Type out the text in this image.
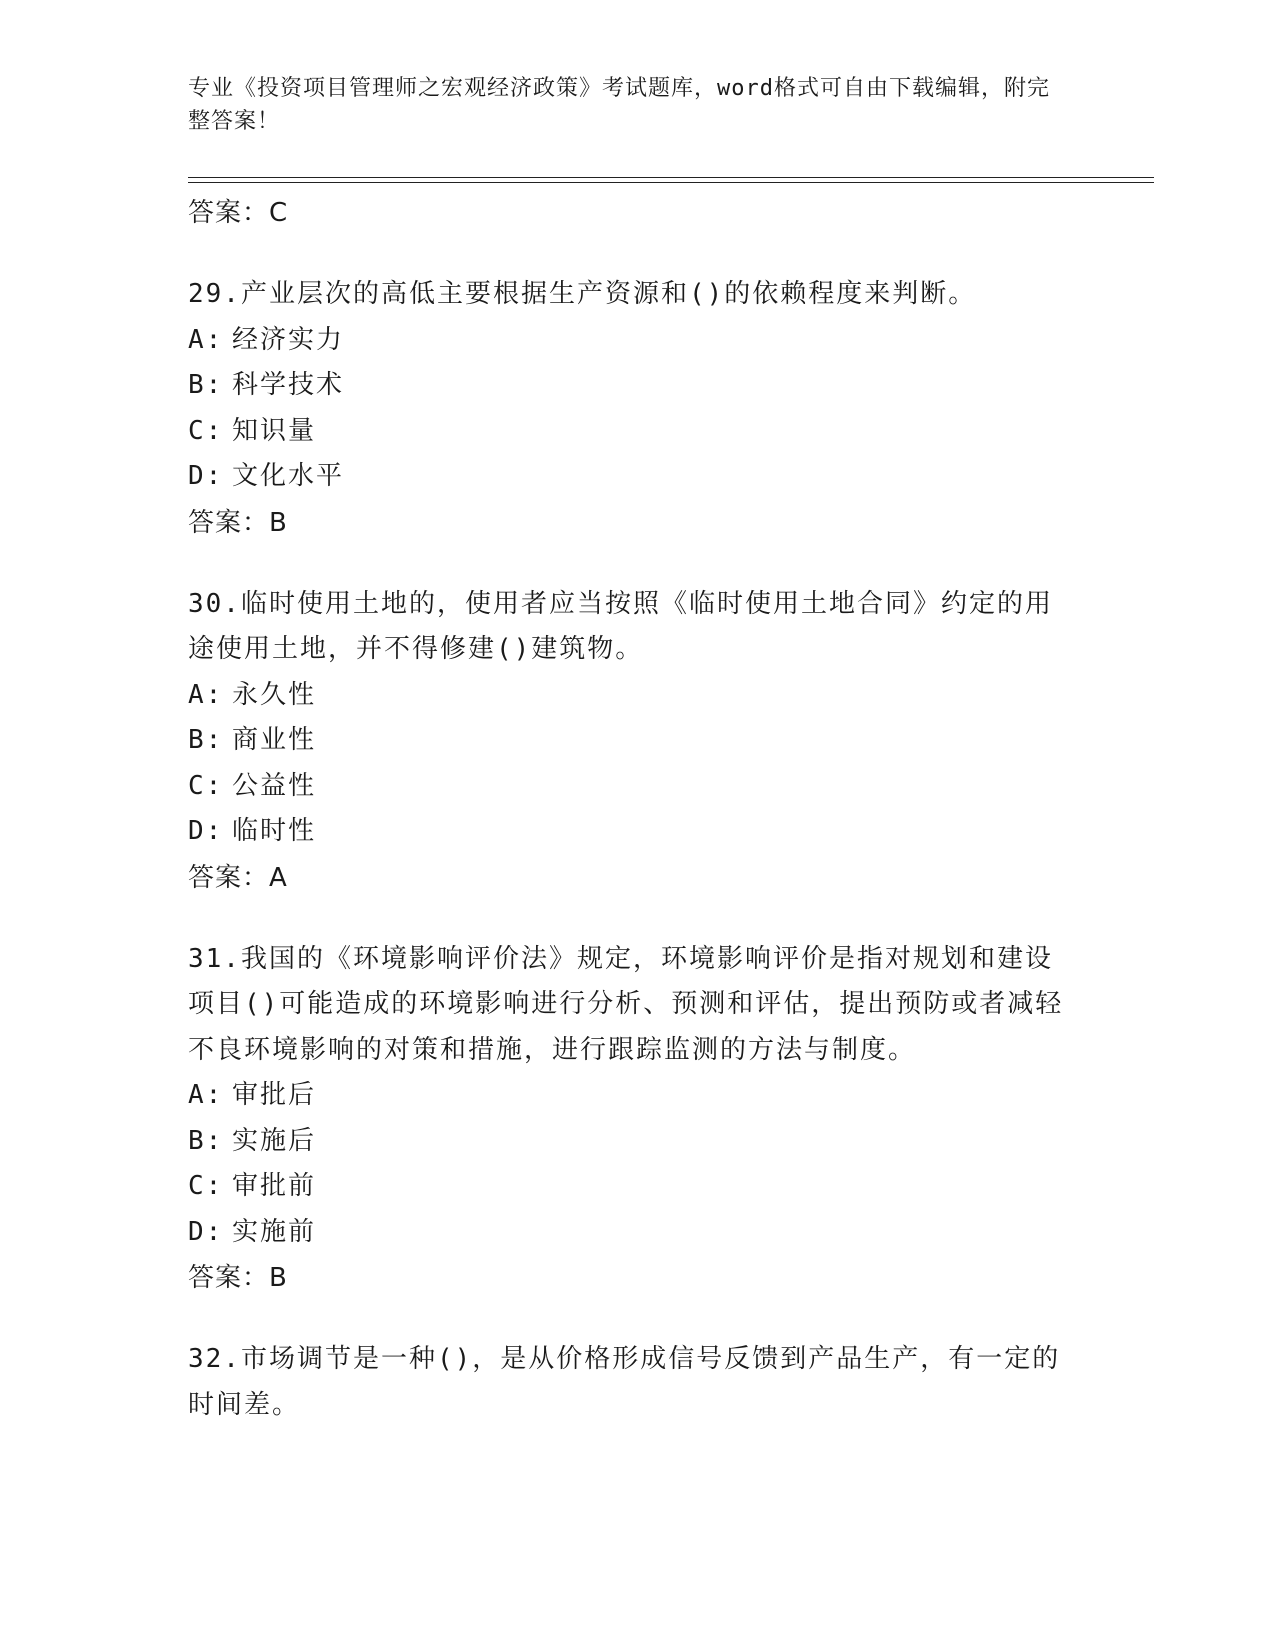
专业《投资项目管理师之宏观经济政策》考试题库，word格式可自由下载编辑，附完整答案！
答案：C
29.产业层次的高低主要根据生产资源和()的依赖程度来判断。
A: 经济实力
B: 科学技术
C: 知识量
D: 文化水平
答案：B
30.临时使用土地的，使用者应当按照《临时使用土地合同》约定的用途使用土地，并不得修建()建筑物。
A: 永久性
B: 商业性
C: 公益性
D: 临时性
答案：A
31.我国的《环境影响评价法》规定，环境影响评价是指对规划和建设项目()可能造成的环境影响进行分析、预测和评估，提出预防或者减轻不良环境影响的对策和措施，进行跟踪监测的方法与制度。
A: 审批后
B: 实施后
C: 审批前
D: 实施前
答案：B
32.市场调节是一种()，是从价格形成信号反馈到产品生产，有一定的时间差。
